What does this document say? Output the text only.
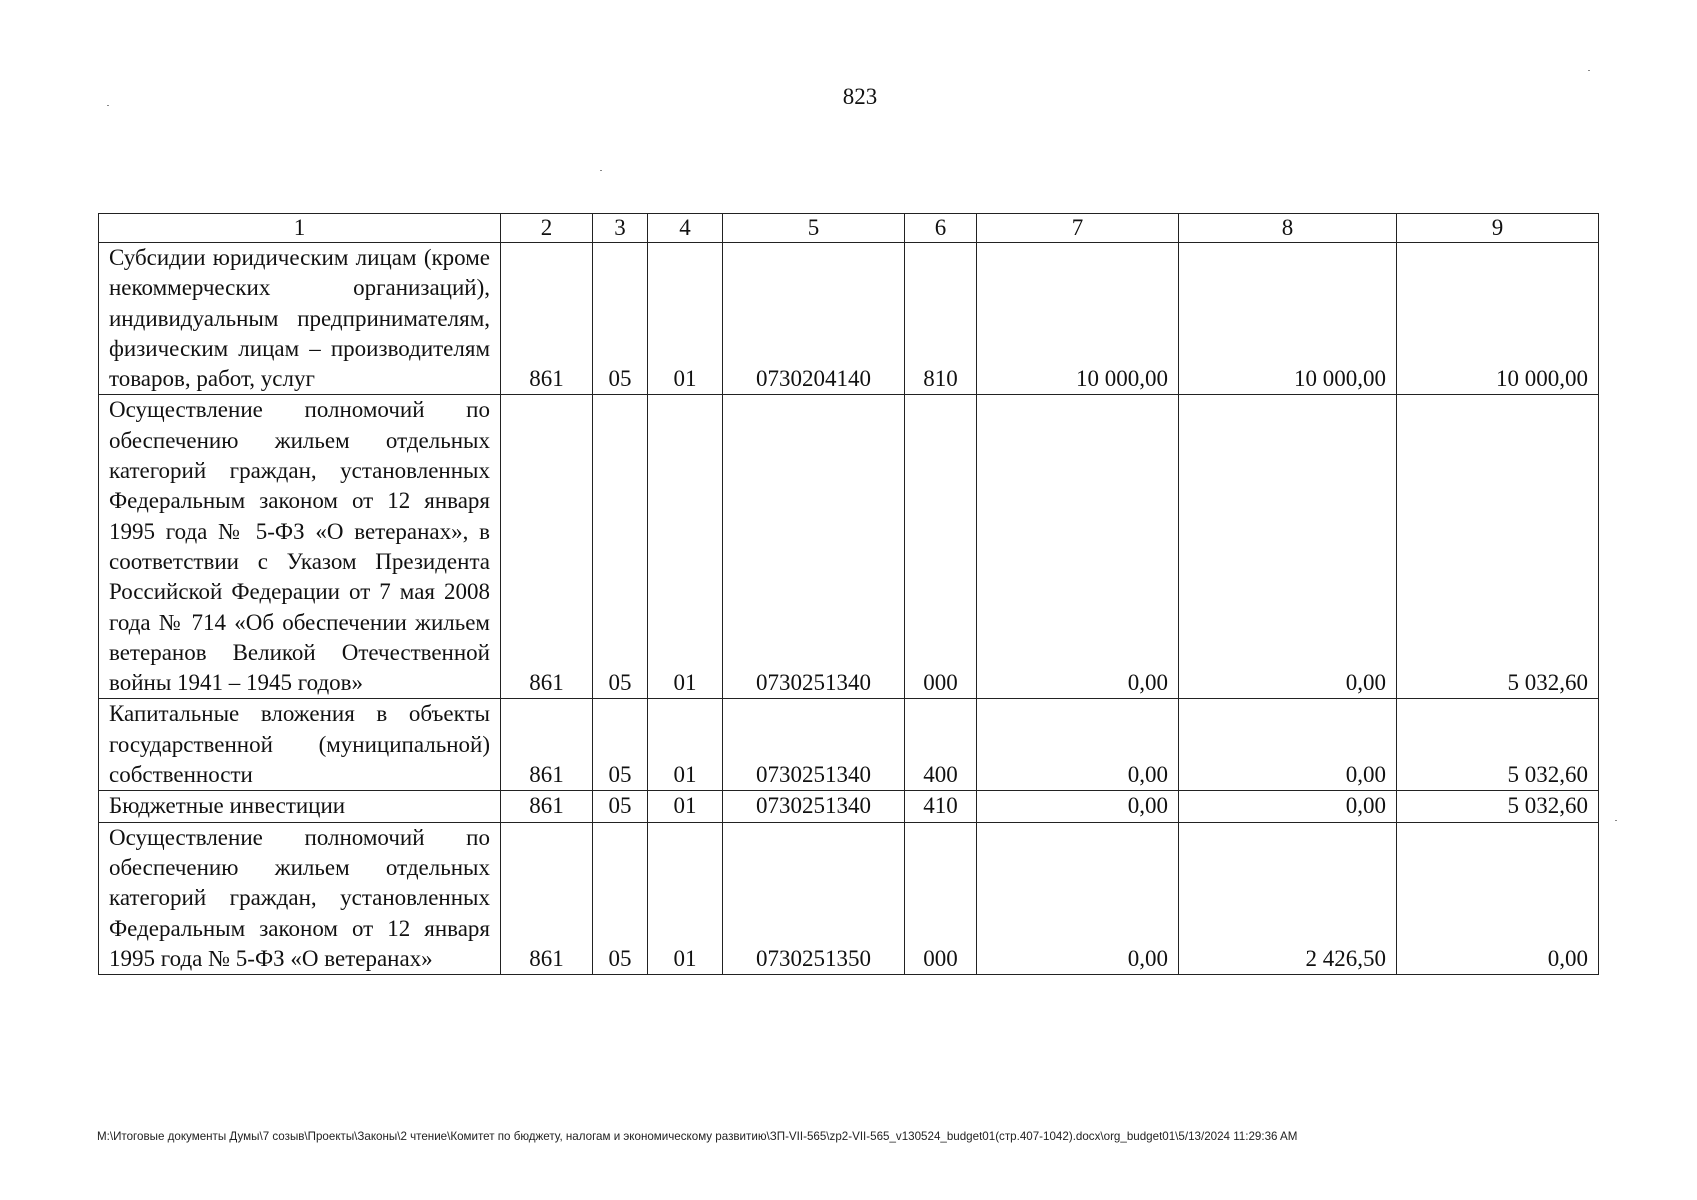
823
1	2	3	4	5	6	7	8	9
Субсидии юридическим лицам (кроме некоммерческих организаций), индивидуальным предпринимателям, физическим лицам – производителям товаров, работ, услуг	861	05	01	0730204140	810	10 000,00	10 000,00	10 000,00
Осуществление полномочий по обеспечению жильем отдельных категорий граждан, установленных Федеральным законом от 12 января 1995 года № 5-ФЗ «О ветеранах», в соответствии с Указом Президента Российской Федерации от 7 мая 2008 года № 714 «Об обеспечении жильем ветеранов Великой Отечественной войны 1941 – 1945 годов»	861	05	01	0730251340	000	0,00	0,00	5 032,60
Капитальные вложения в объекты государственной (муниципальной) собственности	861	05	01	0730251340	400	0,00	0,00	5 032,60
Бюджетные инвестиции	861	05	01	0730251340	410	0,00	0,00	5 032,60
Осуществление полномочий по обеспечению жильем отдельных категорий граждан, установленных Федеральным законом от 12 января 1995 года № 5-ФЗ «О ветеранах»	861	05	01	0730251350	000	0,00	2 426,50	0,00
M:\Итоговые документы Думы\7 созыв\Проекты\Законы\2 чтение\Комитет по бюджету, налогам и экономическому развитию\ЗП-VII-565\zp2-VII-565_v130524_budget01(стр.407-1042).docx\org_budget01\5/13/2024 11:29:36 AM
